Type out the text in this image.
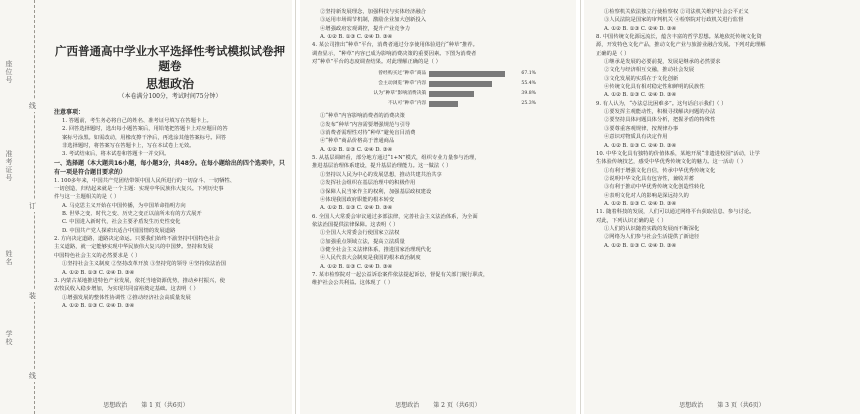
学校
姓名
准考证号
座位号
线
订
装
线
广西普通高中学业水平选择性考试模拟试卷押题卷
思想政治
（本卷满分100分，考试时间75分钟）
注意事项：
1. 答题前，考生务必将自己的姓名、准考证号填写在答题卡上。
2. 回答选择题时，选出每小题答案后，用铅笔把答题卡上对应题目的答
案标号涂黑。如需改动，用橡皮擦干净后，再选涂其他答案标号。回答
非选择题时，将答案写在答题卡上，写在本试卷上无效。
3. 考试结束后，将本试卷和答题卡一并交回。
一、选择题（本大题共16小题，每小题3分，共48分。在每小题给出的四个选项中，只有一项是符合题目要求的）
1. 100多年来，中国共产党团结带领中国人民所进行的一切奋斗、一切牺牲、
一切创造，归结起来就是一个主题：实现中华民族伟大复兴。下列历史事
件与这一主题相关的是（ ）
A. 马克思主义开始在中国传播，为中国革命指明方向
B. 世界之变、时代之变、历史之变正以前所未有的方式展开
C. 中国进入新时代，社会主要矛盾发生历史性变化
D. 中国共产党人探索出适合中国国情的发展道路
2. 方向决定道路，道路决定命运。只要我们始终不渝坚持中国特色社会
主义道路，就一定能够实现中华民族伟大复兴的中国梦。坚持和发展
中国特色社会主义的必然要求是（ ）
①坚持社会主义制度 ②坚持改革开放 ③坚持党的领导 ④坚持依法治国
A. ①② B. ①③ C. ②④ D. ③④
3. 内蒙古某地推进特色产业发展，依托当地资源优势，推动乡村振兴，使
农牧民收入稳步增加，为实现共同富裕奠定基础。这表明（ ）
①增强发展的整体性协调性 ②推动经济社会高质量发展
A. ①② B. ①③ C. ②④ D. ③④
思想政治 第 1 页（共6页）
②坚持新发展理念，加强科技与实体经济融合
③运用市场调节机制，激励企业加大创新投入
④增强政府宏观调控，提升产业竞争力
A. ①② B. ①③ C. ②④ D. ③④
4. 某公司推出“种草”平台，消费者通过分享使用体验进行“种草”推荐。
调查显示，“种草”内容已成为影响消费决策的重要因素。下图为消费者
对“种草”平台的态度调查结果。对此理解正确的是（ ）
曾经购买过“种草”商品	67.1%
会主动浏览“种草”内容	55.4%
认为“种草”影响消费决策	39.8%
不认可“种草”内容	25.3%
①“种草”内容影响消费者的消费决策
②发布“种草”内容需要增强规范与引导
③消费者需理性对待“种草”避免盲目消费
④“种草”商品价格高于普通商品
A. ①② B. ①③ C. ②④ D. ③④
5. 从基层调研看，部分地方通过“1+N”模式，组织专业力量参与治理，
推进基层治理体系建设，提升基层治理能力。这一做法（ ）
①坚持以人民为中心的发展思想，推动共建共治共享
②发挥社会组织在基层治理中的积极作用
③保障人民当家作主的权利，加强基层政权建设
④体现我国政府职能的根本转变
A. ①② B. ①③ C. ②④ D. ③④
6. 全国人大常委会审议通过多部法律，完善社会主义法治体系，为全面
依法治国提供法律保障。这表明（ ）
①全国人大常委会行使国家立法权
②加强重点领域立法，提高立法质量
③健全社会主义法律体系，推进国家治理现代化
④人民代表大会制度是我国的根本政治制度
A. ①② B. ①③ C. ②④ D. ③④
7. 某市检察院对一起公益诉讼案件依法提起诉讼，督促有关部门履行职责，
维护社会公共利益。这体现了（ ）
思想政治 第 2 页（共6页）
①检察机关依法独立行使检察权 ②司法机关维护社会公平正义
③人民法院是国家的审判机关 ④检察院对行政机关进行监督
A. ①② B. ①③ C. ②④ D. ③④
8. 中国传统文化源远流长，蕴含丰富的哲学思想。某地依托传统文化资
源，开发特色文化产品，推动文化产业与旅游业融合发展。下列对此理解
正确的是（ ）
①继承是发展的必要前提，发展是继承的必然要求
②文化与经济相互交融，推动社会发展
③文化发展的实质在于文化创新
④传统文化具有相对稳定性和鲜明的民族性
A. ①② B. ①③ C. ②④ D. ③④
9. 有人认为，“办法总比困难多”。这句话启示我们（ ）
①要发挥主观能动性，积极寻找解决问题的办法
②要坚持具体问题具体分析，把握矛盾的特殊性
③要尊重客观规律，按规律办事
④意识对物质具有决定作用
A. ①② B. ①③ C. ②④ D. ③④
10. 中华文化具有独特的价值体系，某地开展“非遗进校园”活动，让学
生体验传统技艺，感受中华优秀传统文化的魅力。这一活动（ ）
①有利于增强文化自信，传承中华优秀传统文化
②说明中华文化具有包容性，兼收并蓄
③有利于推动中华优秀传统文化创造性转化
④表明文化对人的影响是深远持久的
A. ①② B. ①③ C. ②④ D. ③④
11. 随着科技的发展，人们可以通过网络平台获取信息、参与讨论。
对此，下列认识正确的是（ ）
①人们的认识随着实践的发展而不断深化
②网络为人们参与社会生活提供了新途径
A. ①② B. ①③ C. ②④ D. ③④
思想政治 第 3 页（共6页）
